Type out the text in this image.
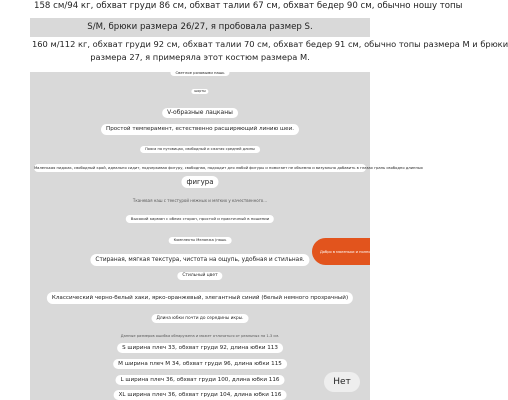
158 см/94 кг, обхват груди 86 см, обхват талии 67 см, обхват бедер 90 см, обычно ношу топы
S/M, брюки размера 26/27, я пробовала размер S.
160 м/112 кг, обхват груди 92 см, обхват талии 70 см, обхват бедер 91 см, обычно топы размера M и брюки
размера 27, я примеряла этот костюм размера M.
Светлое розовыми нашь
шорты
V-образные лацканы
Простой темперамент, естественно расширяющий линию шеи.
Пояса на пуговицах, свободный и сжатая средней длины
Маленькая пиджак, свободный крой, идеально сидит, подчеркивая фигуру, свободная, подходит для любой фигуры и помогает не объемно и визуально добавить в глазах грань свободно длинных
фигура
Тканевая наш с текстурой нежных и мягких у качественного...
Высокий карман с обеих сторон, простой и практичный в ношении
Комплекты Меланжа (нашь
Стираная, мягкая текстура, чистота на ощупь, удобная и стильная.
Стильный цвет
Классический черно-белый хаки, ярко-оранжевый, элегантный синий (белый немного прозрачный)
Длина юбки почти до середины икры.
Данные размеров ошибка обнаружена и может отличаться от реальных на 1-3 см.
S ширина плеч 33, обхват груди 92, длина юбки 113
M ширина плеч M 34, обхват груди 96, длина юбки 115
L ширина плеч 36, обхват груди 100, длина юбки 116
XL ширина плеч 36, обхват груди 104, длина юбки 116
Добро в маленьки и полностью
Нет
